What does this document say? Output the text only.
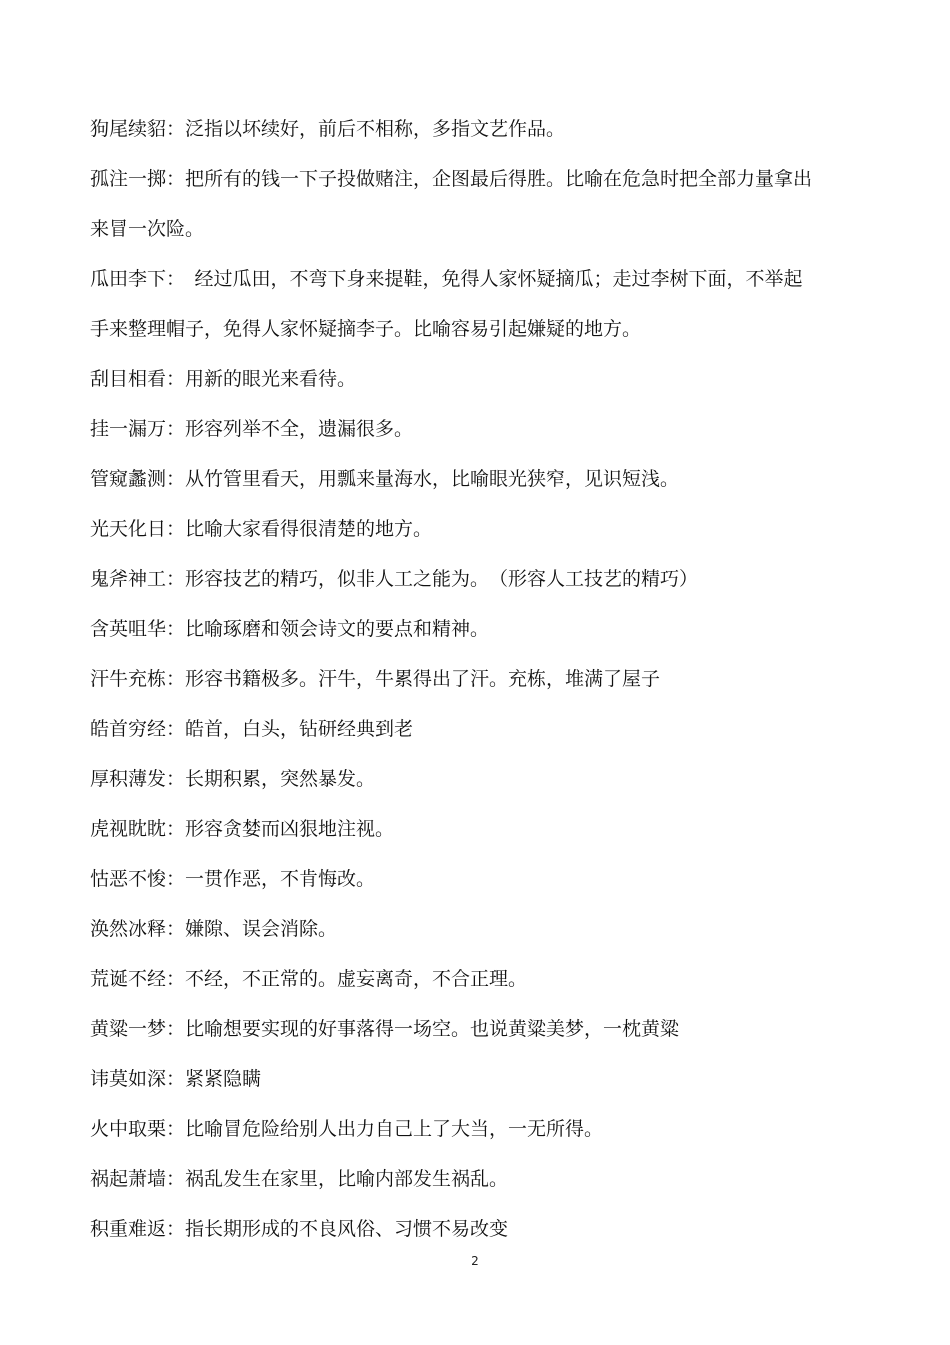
狗尾续貂：泛指以坏续好，前后不相称，多指文艺作品。
孤注一掷：把所有的钱一下子投做赌注，企图最后得胜。比喻在危急时把全部力量拿出来冒一次险。
瓜田李下：　经过瓜田，不弯下身来提鞋，免得人家怀疑摘瓜；走过李树下面，不举起手来整理帽子，免得人家怀疑摘李子。比喻容易引起嫌疑的地方。
刮目相看：用新的眼光来看待。
挂一漏万：形容列举不全，遗漏很多。
管窥蠡测：从竹管里看天，用瓢来量海水，比喻眼光狭窄，见识短浅。
光天化日：比喻大家看得很清楚的地方。
鬼斧神工：形容技艺的精巧，似非人工之能为。　（形容人工技艺的精巧）
含英咀华：比喻琢磨和领会诗文的要点和精神。
汗牛充栋：形容书籍极多。汗牛，牛累得出了汗。充栋，堆满了屋子
皓首穷经：皓首，白头，钻研经典到老
厚积薄发：长期积累，突然暴发。
虎视眈眈：形容贪婪而凶狠地注视。
怙恶不悛：一贯作恶，不肯悔改。
涣然冰释：嫌隙、误会消除。
荒诞不经：不经，不正常的。虚妄离奇，不合正理。
黄粱一梦：比喻想要实现的好事落得一场空。也说黄粱美梦，一枕黄粱
讳莫如深：紧紧隐瞒
火中取栗：比喻冒危险给别人出力自己上了大当，一无所得。
祸起萧墙：祸乱发生在家里，比喻内部发生祸乱。
积重难返：指长期形成的不良风俗、习惯不易改变
2
